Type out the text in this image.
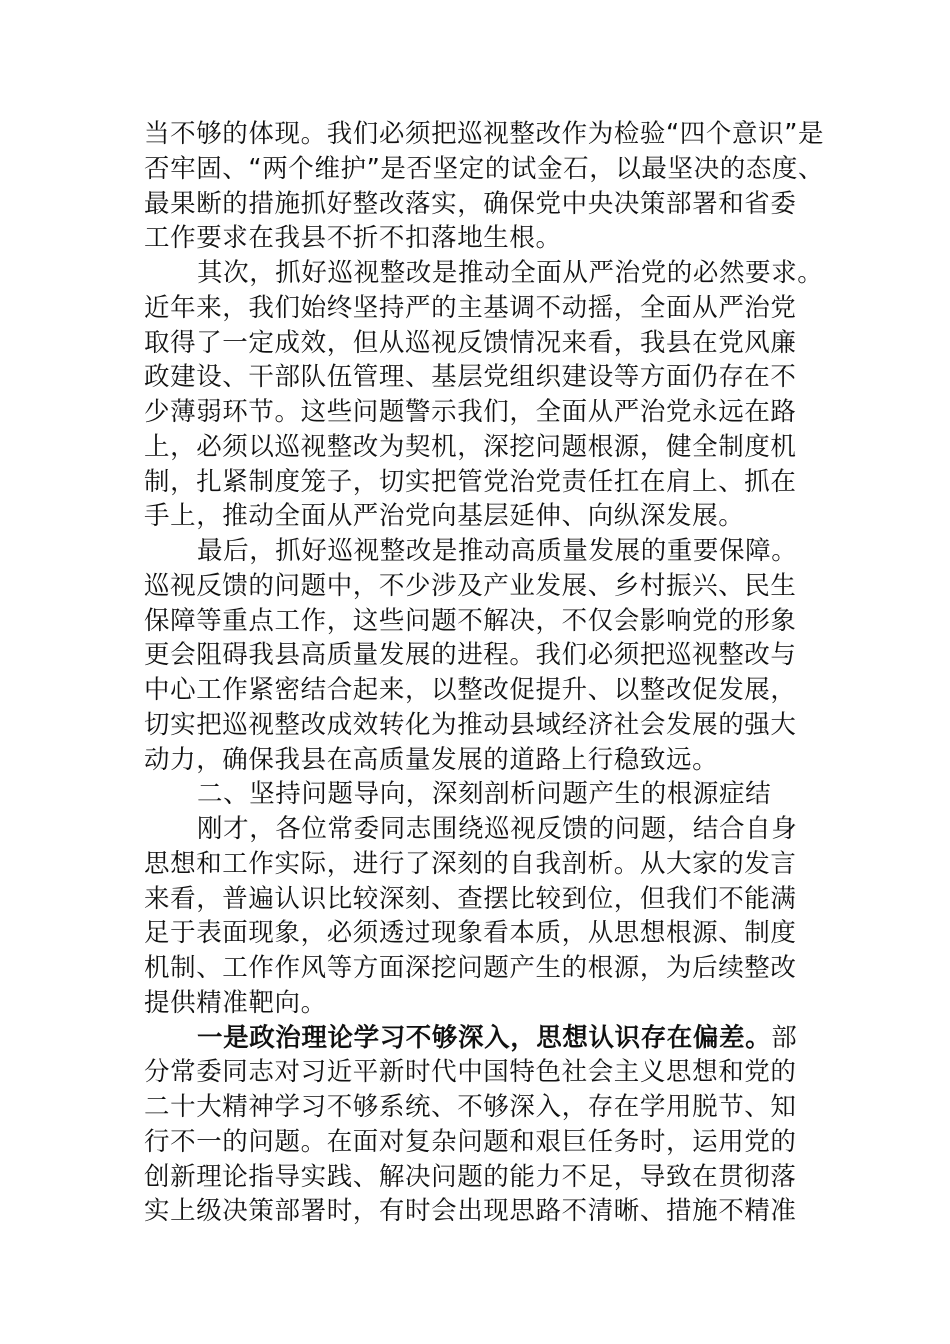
当不够的体现。我们必须把巡视整改作为检验“四个意识”是
否牢固、“两个维护”是否坚定的试金石，以最坚决的态度、
最果断的措施抓好整改落实，确保党中央决策部署和省委
工作要求在我县不折不扣落地生根。
其次，抓好巡视整改是推动全面从严治党的必然要求。
近年来，我们始终坚持严的主基调不动摇，全面从严治党
取得了一定成效，但从巡视反馈情况来看，我县在党风廉
政建设、干部队伍管理、基层党组织建设等方面仍存在不
少薄弱环节。这些问题警示我们，全面从严治党永远在路
上，必须以巡视整改为契机，深挖问题根源，健全制度机
制，扎紧制度笼子，切实把管党治党责任扛在肩上、抓在
手上，推动全面从严治党向基层延伸、向纵深发展。
最后，抓好巡视整改是推动高质量发展的重要保障。
巡视反馈的问题中，不少涉及产业发展、乡村振兴、民生
保障等重点工作，这些问题不解决，不仅会影响党的形象
更会阻碍我县高质量发展的进程。我们必须把巡视整改与
中心工作紧密结合起来，以整改促提升、以整改促发展，
切实把巡视整改成效转化为推动县域经济社会发展的强大
动力，确保我县在高质量发展的道路上行稳致远。
二、坚持问题导向，深刻剖析问题产生的根源症结
刚才，各位常委同志围绕巡视反馈的问题，结合自身
思想和工作实际，进行了深刻的自我剖析。从大家的发言
来看，普遍认识比较深刻、查摆比较到位，但我们不能满
足于表面现象，必须透过现象看本质，从思想根源、制度
机制、工作作风等方面深挖问题产生的根源，为后续整改
提供精准靶向。
一是政治理论学习不够深入，思想认识存在偏差。部
分常委同志对习近平新时代中国特色社会主义思想和党的
二十大精神学习不够系统、不够深入，存在学用脱节、知
行不一的问题。在面对复杂问题和艰巨任务时，运用党的
创新理论指导实践、解决问题的能力不足，导致在贯彻落
实上级决策部署时，有时会出现思路不清晰、措施不精准
